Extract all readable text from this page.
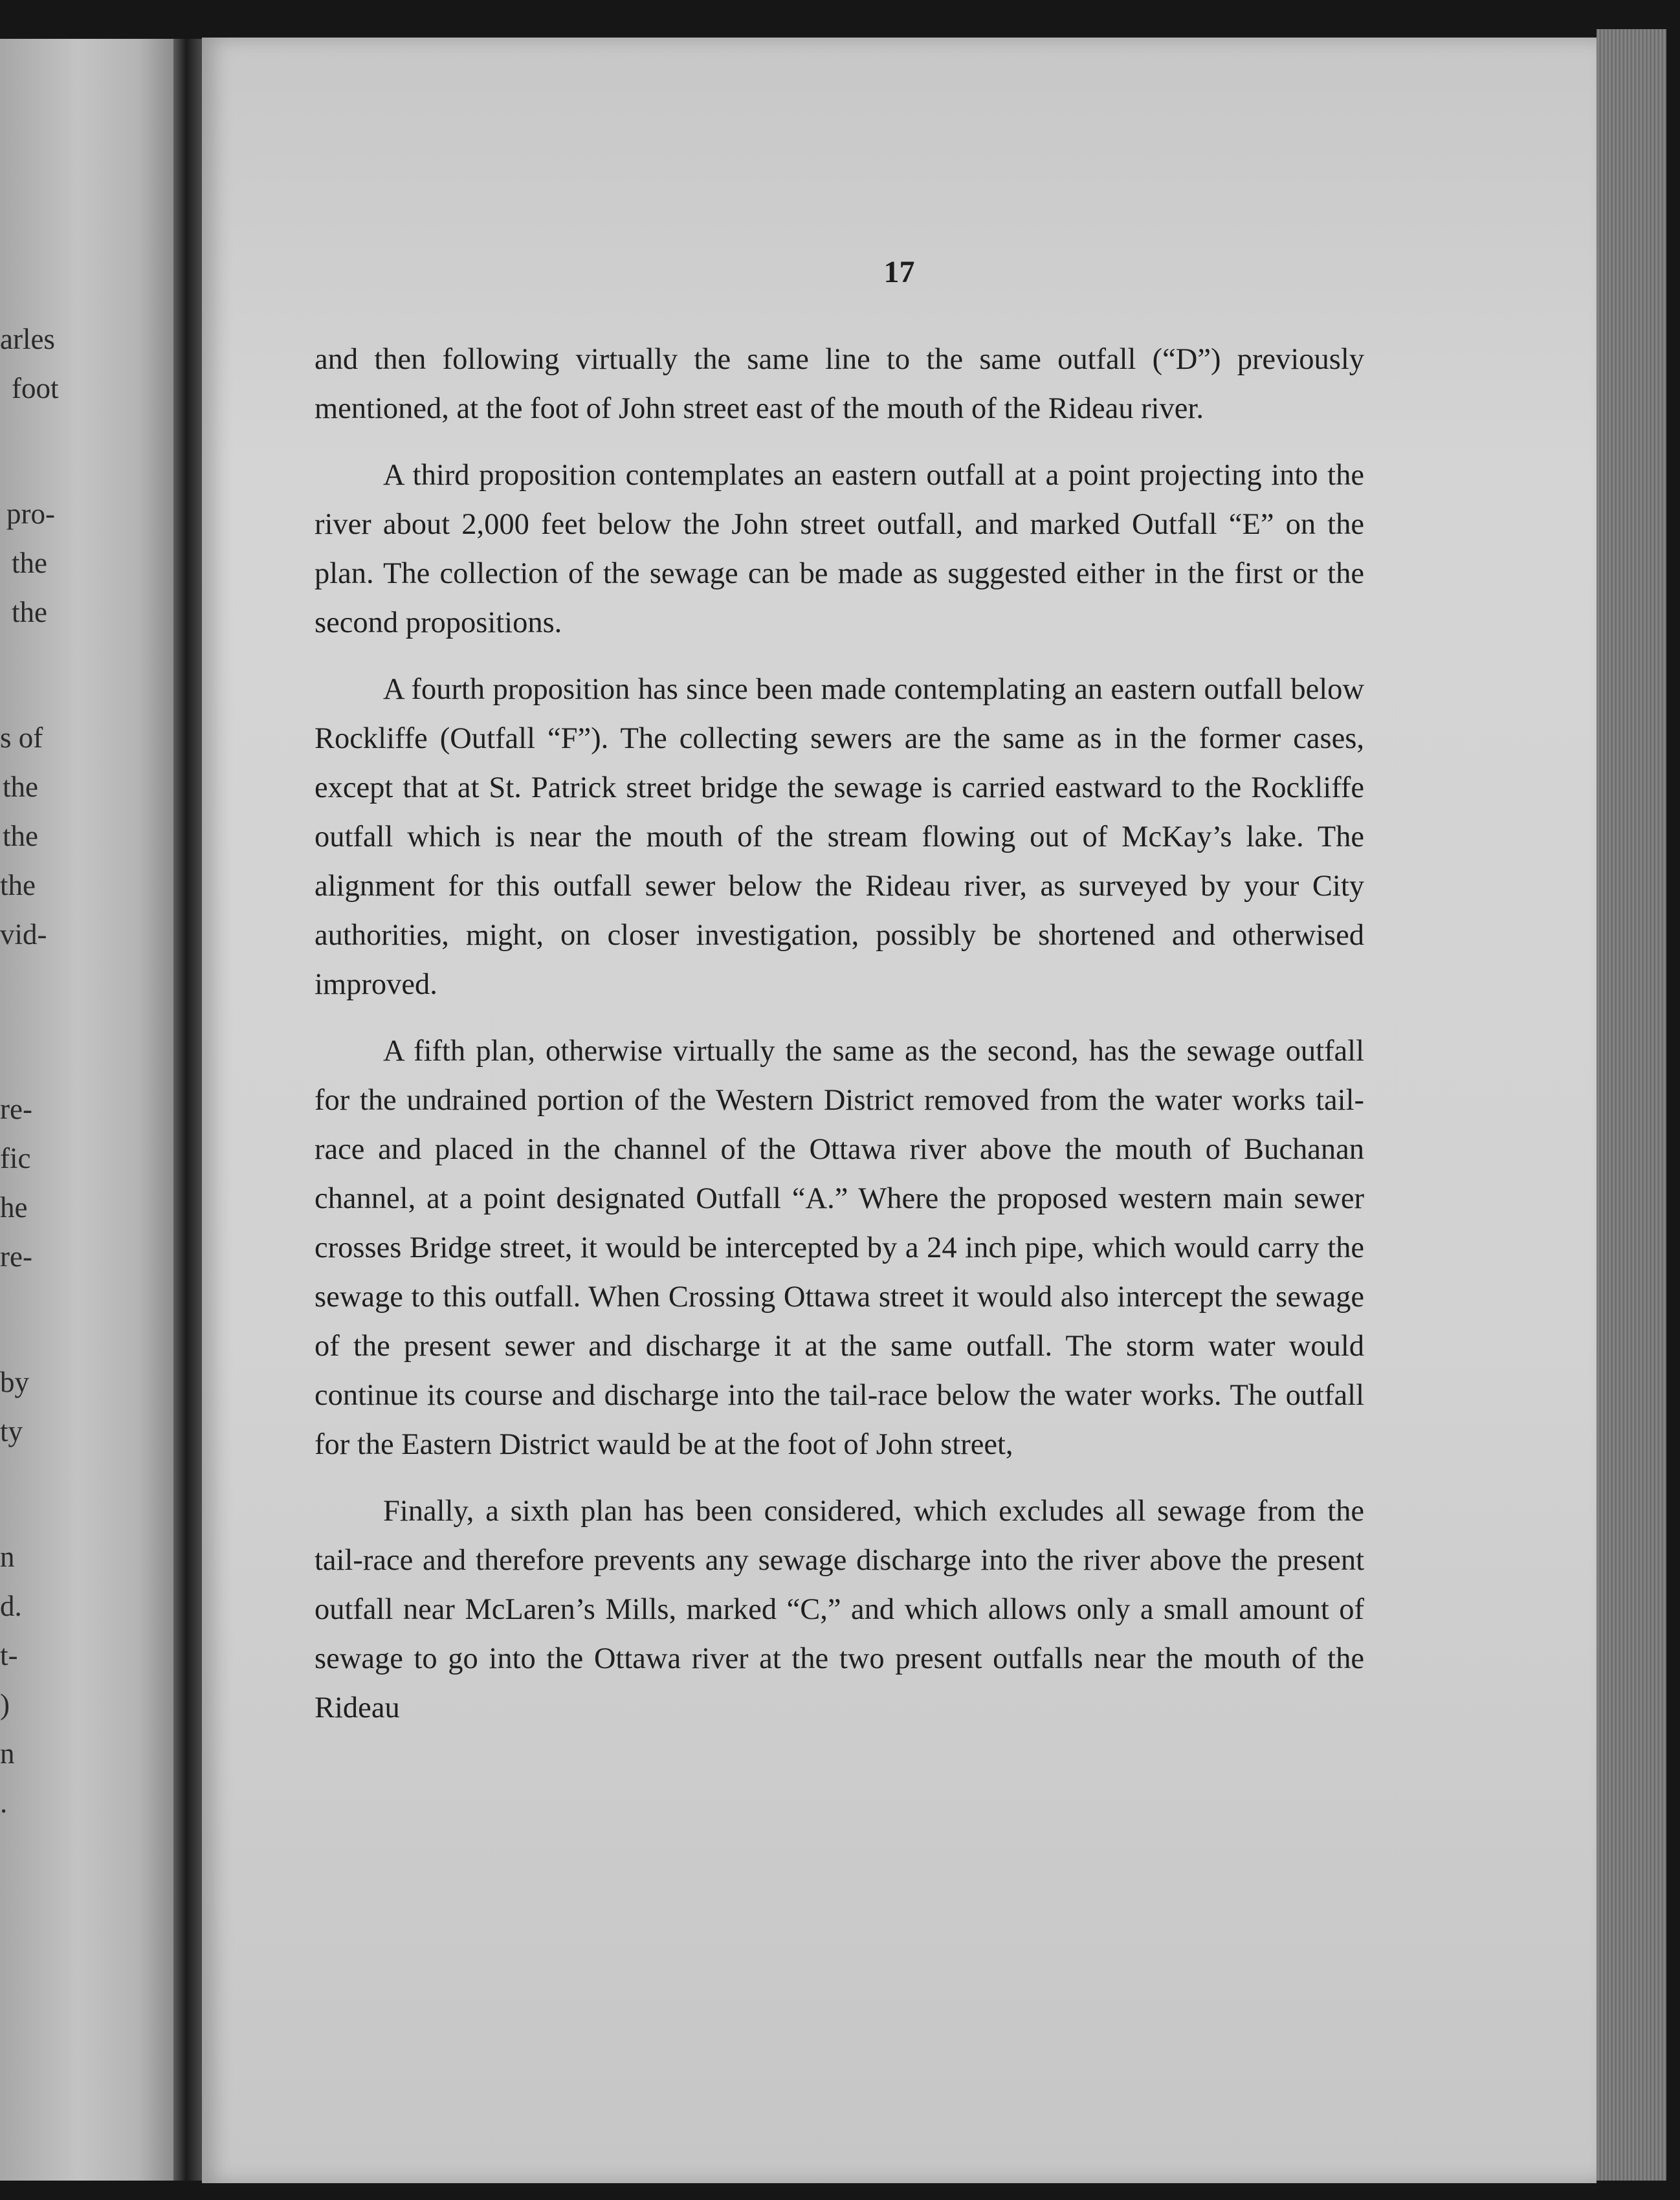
arles

foot

pro-

the

the

s of

the

the

the

vid-

re-

fic

he

re-

by

ty

n

d.

t-

)

n

.

17

and then following virtually the same line to the same outfall (“D”) previously mentioned, at the foot of John street east of the mouth of the Rideau river.

A third proposition contemplates an eastern outfall at a point projecting into the river about 2,000 feet below the John street outfall, and marked Outfall “E” on the plan. The collection of the sewage can be made as suggested either in the first or the second propositions.

A fourth proposition has since been made contemplating an eastern outfall below Rockliffe (Outfall “F”). The collecting sewers are the same as in the former cases, except that at St. Patrick street bridge the sewage is carried eastward to the Rockliffe outfall which is near the mouth of the stream flowing out of McKay’s lake. The alignment for this outfall sewer below the Rideau river, as surveyed by your City authorities, might, on closer investigation, possibly be shortened and otherwised improved.

A fifth plan, otherwise virtually the same as the second, has the sewage outfall for the undrained portion of the Western District removed from the water works tail-race and placed in the channel of the Ottawa river above the mouth of Buchanan channel, at a point designated Outfall “A.” Where the proposed western main sewer crosses Bridge street, it would be intercepted by a 24 inch pipe, which would carry the sewage to this outfall. When Crossing Ottawa street it would also intercept the sewage of the present sewer and discharge it at the same outfall. The storm water would continue its course and discharge into the tail-race below the water works. The outfall for the Eastern District wauld be at the foot of John street,

Finally, a sixth plan has been considered, which excludes all sewage from the tail-race and therefore prevents any sewage discharge into the river above the present outfall near McLaren’s Mills, marked “C,” and which allows only a small amount of sewage to go into the Ottawa river at the two present outfalls near the mouth of the Rideau
